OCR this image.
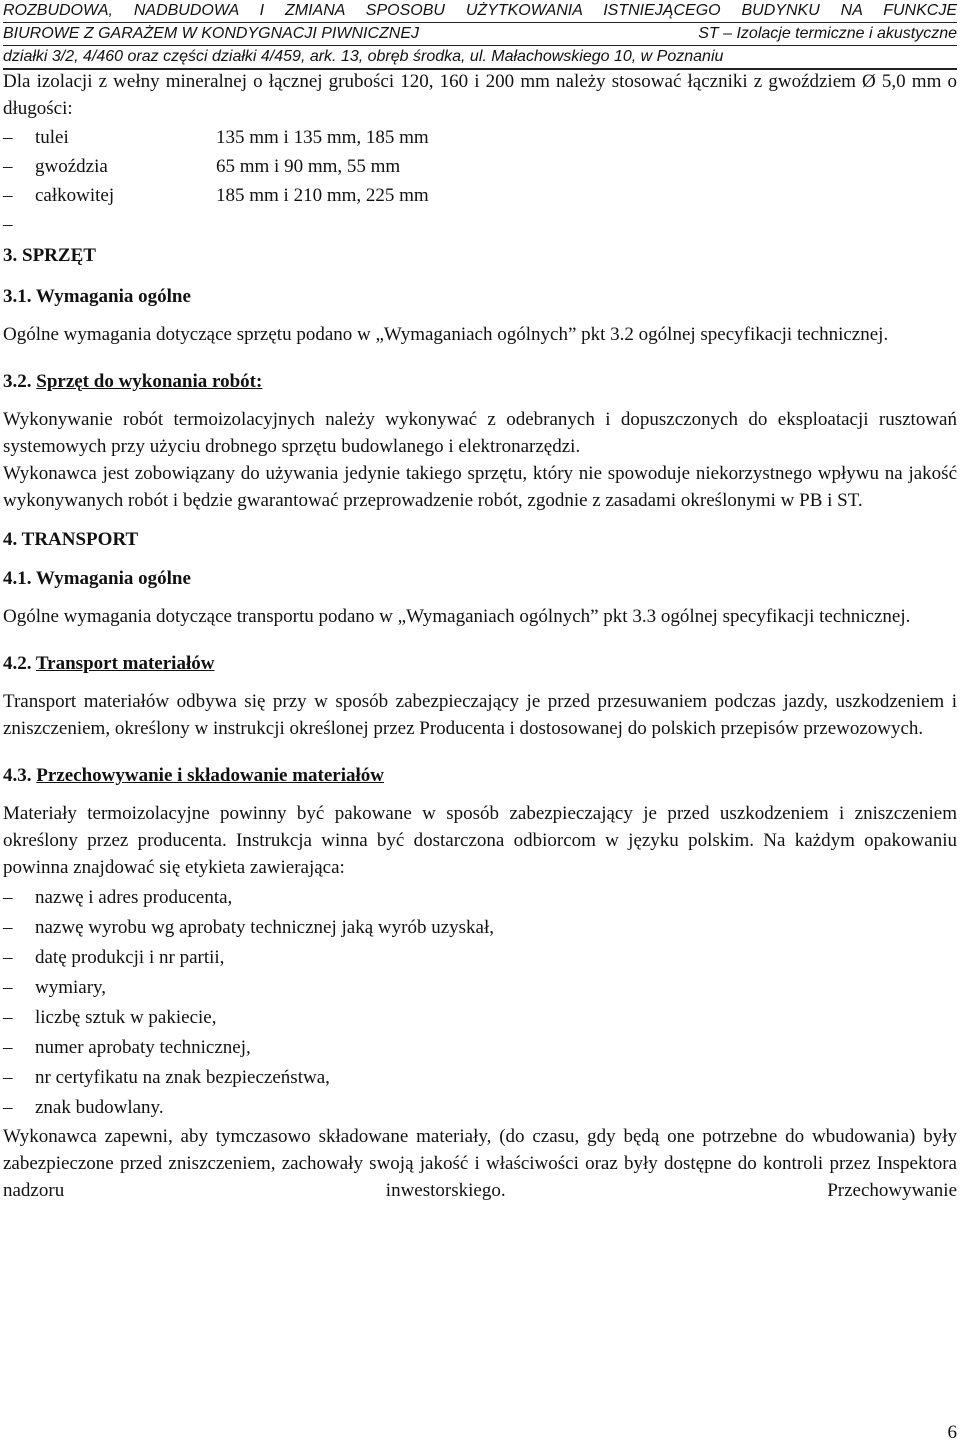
ROZBUDOWA, NADBUDOWA I ZMIANA SPOSOBU UŻYTKOWANIA ISTNIEJĄCEGO BUDYNKU NA FUNKCJE
BIUROWE Z GARAŻEM W KONDYGNACJI PIWNICZNEJ	ST – Izolacje termiczne i akustyczne
działki 3/2, 4/460 oraz części działki 4/459, ark. 13, obręb środka, ul. Małachowskiego 10, w Poznaniu

Dla izolacji z wełny mineralnej o łącznej grubości 120, 160 i 200 mm należy stosować łączniki z gwoździem Ø 5,0 mm o długości:

–	tulei	135 mm i 135 mm, 185 mm
–	gwoździa	65 mm i 90 mm, 55 mm
–	całkowitej	185 mm i 210 mm, 225 mm
–
3. SPRZĘT
3.1. Wymagania ogólne

Ogólne wymagania dotyczące sprzętu podano w „Wymaganiach ogólnych” pkt 3.2 ogólnej specyfikacji technicznej.

3.2. Sprzęt do wykonania robót:

Wykonywanie robót termoizolacyjnych należy wykonywać z odebranych i dopuszczonych do eksploatacji rusztowań systemowych przy użyciu drobnego sprzętu budowlanego i elektronarzędzi.

Wykonawca jest zobowiązany do używania jedynie takiego sprzętu, który nie spowoduje niekorzystnego wpływu na jakość wykonywanych robót i będzie gwarantować przeprowadzenie robót, zgodnie z zasadami określonymi w PB i ST.

4. TRANSPORT
4.1. Wymagania ogólne

Ogólne wymagania dotyczące transportu podano w „Wymaganiach ogólnych” pkt 3.3 ogólnej specyfikacji technicznej.

4.2. Transport materiałów

Transport materiałów odbywa się przy w sposób zabezpieczający je przed przesuwaniem podczas jazdy, uszkodzeniem i zniszczeniem, określony w instrukcji określonej przez Producenta i dostosowanej do polskich przepisów przewozowych.

4.3. Przechowywanie i składowanie materiałów

Materiały termoizolacyjne powinny być pakowane w sposób zabezpieczający je przed uszkodzeniem i zniszczeniem określony przez producenta. Instrukcja winna być dostarczona odbiorcom w języku polskim. Na każdym opakowaniu powinna znajdować się etykieta zawierająca:

–	nazwę i adres producenta,
–	nazwę wyrobu wg aprobaty technicznej jaką wyrób uzyskał,
–	datę produkcji i nr partii,
–	wymiary,
–	liczbę sztuk w pakiecie,
–	numer aprobaty technicznej,
–	nr certyfikatu na znak bezpieczeństwa,
–	znak budowlany.

Wykonawca zapewni, aby tymczasowo składowane materiały, (do czasu, gdy będą one potrzebne do wbudowania) były zabezpieczone przed zniszczeniem, zachowały swoją jakość i właściwości oraz były dostępne do kontroli przez Inspektora nadzoru inwestorskiego. Przechowywanie

6
